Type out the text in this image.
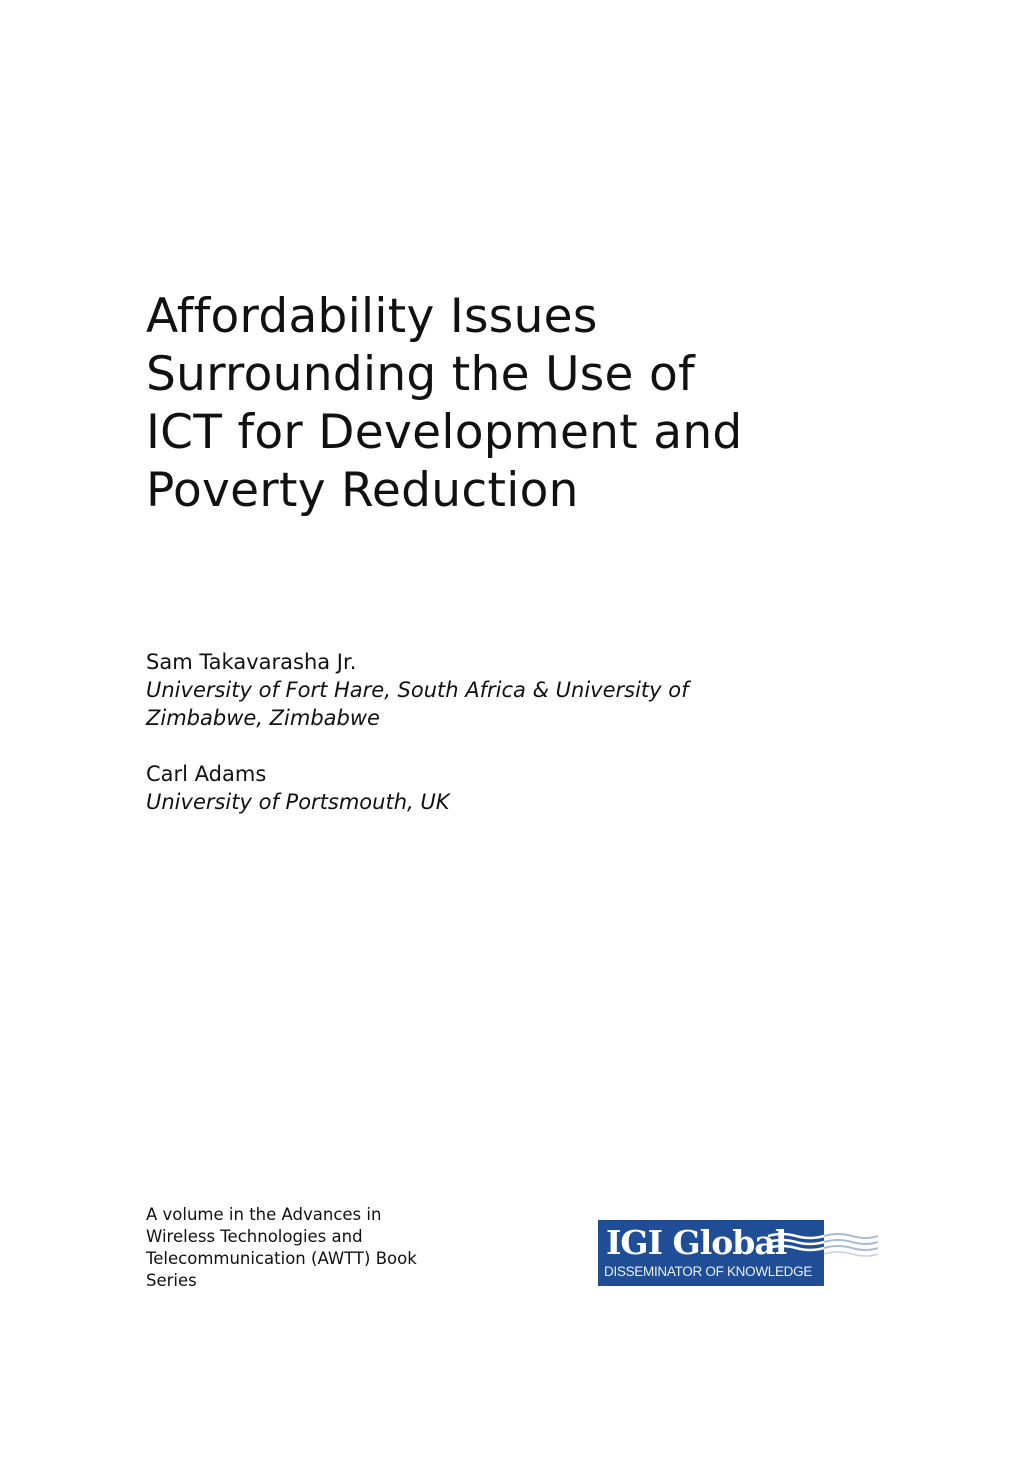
Affordability Issues
Surrounding the Use of
ICT for Development and
Poverty Reduction
Sam Takavarasha Jr.
University of Fort Hare, South Africa & University of
Zimbabwe, Zimbabwe
Carl Adams
University of Portsmouth, UK
A volume in the Advances in
Wireless Technologies and
Telecommunication (AWTT) Book
Series
IGI Global
DISSEMINATOR OF KNOWLEDGE
